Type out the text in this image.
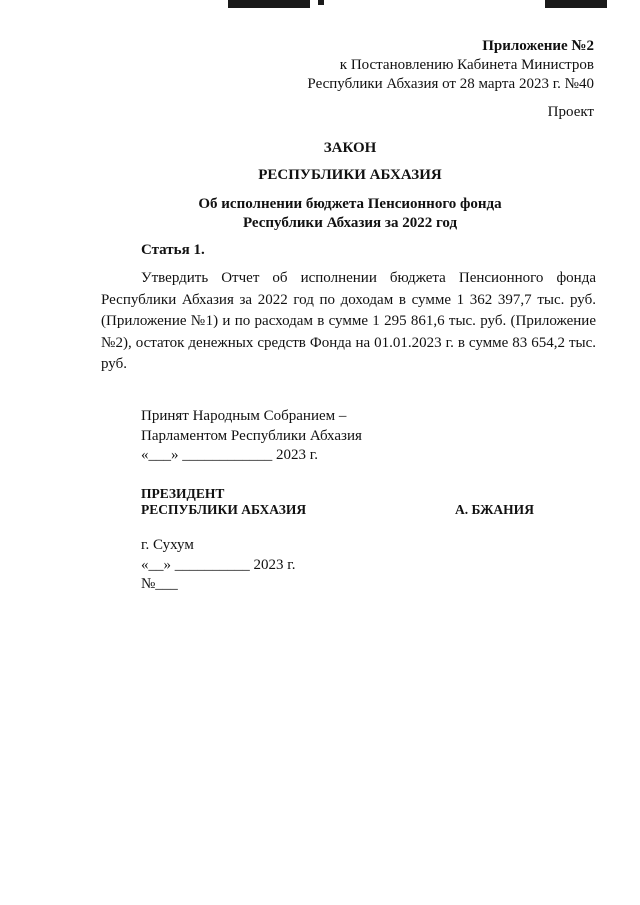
Приложение №2
к Постановлению Кабинета Министров
Республики Абхазия от 28 марта 2023 г. №40
Проект
ЗАКОН
РЕСПУБЛИКИ АБХАЗИЯ
Об исполнении бюджета Пенсионного фонда
Республики Абхазия за 2022 год
Статья 1.
Утвердить Отчет об исполнении бюджета Пенсионного фонда Республики Абхазия за 2022 год по доходам в сумме 1 362 397,7 тыс. руб. (Приложение №1) и по расходам в сумме 1 295 861,6 тыс. руб. (Приложение №2), остаток денежных средств Фонда на 01.01.2023 г. в сумме 83 654,2 тыс. руб.
Принят Народным Собранием –
Парламентом Республики Абхазия
«___» ____________ 2023 г.
ПРЕЗИДЕНТ
РЕСПУБЛИКИ АБХАЗИЯ	А. БЖАНИЯ
г. Сухум
«__» __________ 2023 г.
№___
